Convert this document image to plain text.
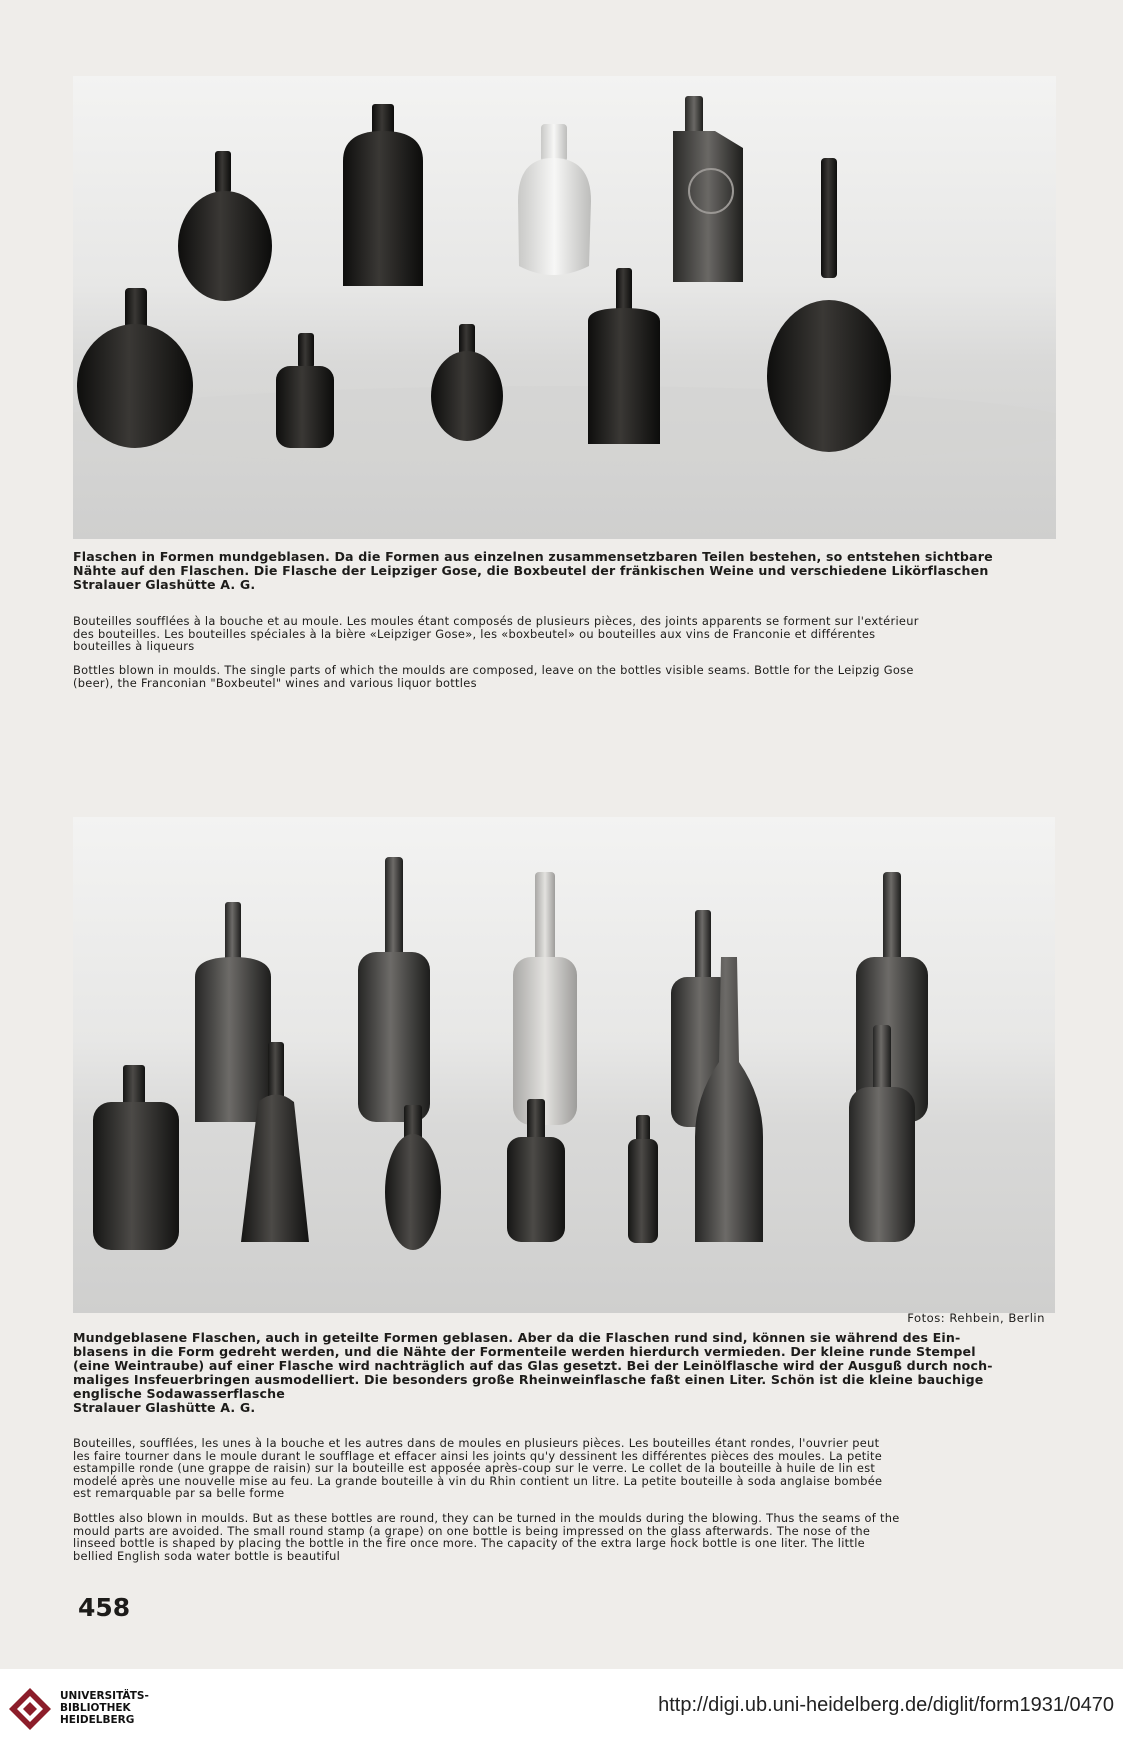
Flaschen in Formen mundgeblasen. Da die Formen aus einzelnen zusammensetzbaren Teilen bestehen, so entstehen sichtbare
Nähte auf den Flaschen. Die Flasche der Leipziger Gose, die Boxbeutel der fränkischen Weine und verschiedene Likörflaschen
Stralauer Glashütte A. G.

Bouteilles soufflées à la bouche et au moule. Les moules étant composés de plusieurs pièces, des joints apparents se forment sur l'extérieur
des bouteilles. Les bouteilles spéciales à la bière «Leipziger Gose», les «boxbeutel» ou bouteilles aux vins de Franconie et différentes
bouteilles à liqueurs

Bottles blown in moulds. The single parts of which the moulds are composed, leave on the bottles visible seams. Bottle for the Leipzig Gose
(beer), the Franconian "Boxbeutel" wines and various liquor bottles

Fotos: Rehbein, Berlin
Mundgeblasene Flaschen, auch in geteilte Formen geblasen. Aber da die Flaschen rund sind, können sie während des Ein-
blasens in die Form gedreht werden, und die Nähte der Formenteile werden hierdurch vermieden. Der kleine runde Stempel
(eine Weintraube) auf einer Flasche wird nachträglich auf das Glas gesetzt. Bei der Leinölflasche wird der Ausguß durch noch-
maliges Insfeuerbringen ausmodelliert. Die besonders große Rheinweinflasche faßt einen Liter. Schön ist die kleine bauchige
englische Sodawasserflasche
Stralauer Glashütte A. G.

Bouteilles, soufflées, les unes à la bouche et les autres dans de moules en plusieurs pièces. Les bouteilles étant rondes, l'ouvrier peut
les faire tourner dans le moule durant le soufflage et effacer ainsi les joints qu'y dessinent les différentes pièces des moules. La petite
estampille ronde (une grappe de raisin) sur la bouteille est apposée après-coup sur le verre. Le collet de la bouteille à huile de lin est
modelé après une nouvelle mise au feu. La grande bouteille à vin du Rhin contient un litre. La petite bouteille à soda anglaise bombée
est remarquable par sa belle forme

Bottles also blown in moulds. But as these bottles are round, they can be turned in the moulds during the blowing. Thus the seams of the
mould parts are avoided. The small round stamp (a grape) on one bottle is being impressed on the glass afterwards. The nose of the
linseed bottle is shaped by placing the bottle in the fire once more. The capacity of the extra large hock bottle is one liter. The little
bellied English soda water bottle is beautiful

458
UNIVERSITÄTS-
BIBLIOTHEK
HEIDELBERG
http://digi.ub.uni-heidelberg.de/diglit/form1931/0470
